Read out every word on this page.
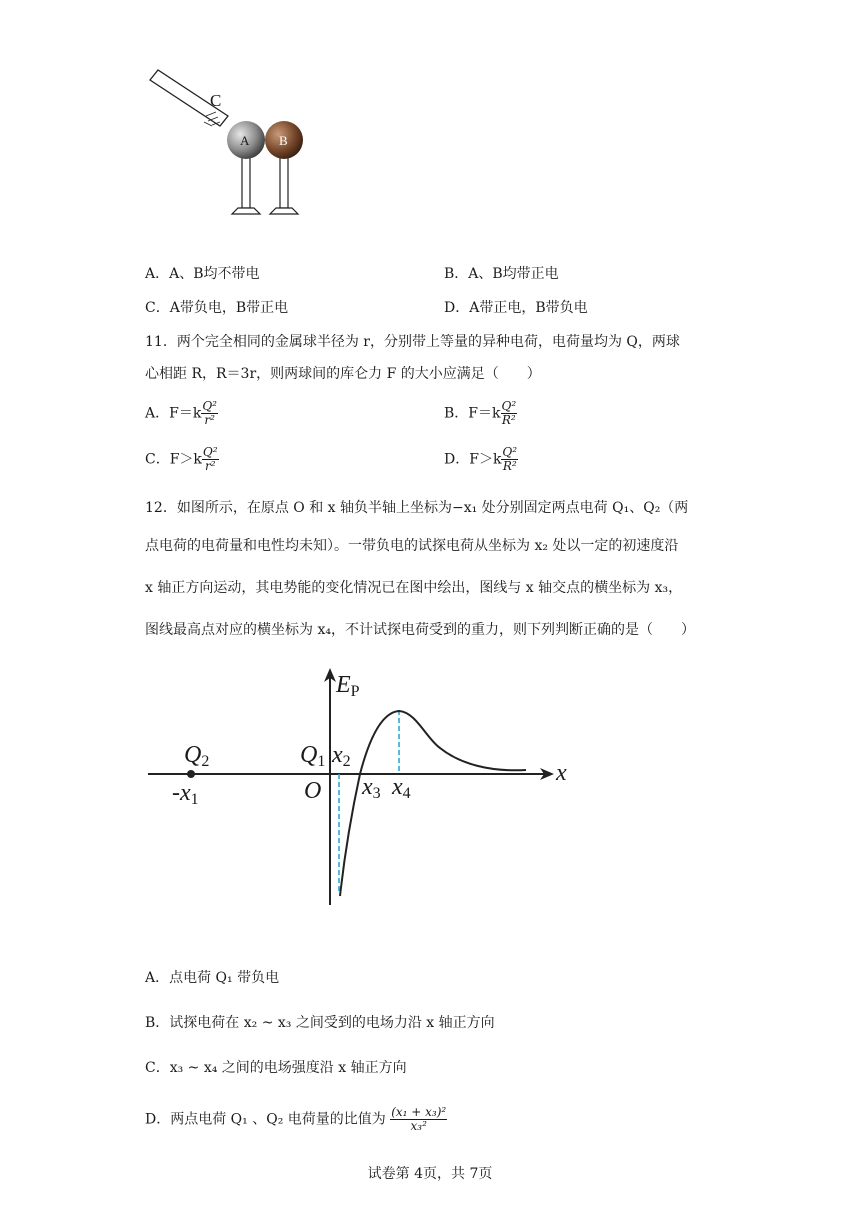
C
A B
A．A、B均不带电	B．A、B均带正电
C．A带负电，B带正电	D．A带正电，B带负电
11．两个完全相同的金属球半径为 r，分别带上等量的异种电荷，电荷量均为 Q，两球
心相距 R，R＝3r，则两球间的库仑力 F 的大小应满足（　　）
A．$F=k \frac{\text{Q²}}{\text{r²}}$	B．$F=k \frac{\text{Q²}}{\text{R²}}$
C．$F>k \frac{\text{Q²}}{\text{r²}}$	D．$F>k \frac{\text{Q²}}{\text{R²}}$
12．如图所示，在原点 O 和 x 轴负半轴上坐标为−x₁ 处分别固定两点电荷 Q₁、Q₂（两
点电荷的电荷量和电性均未知）。一带负电的试探电荷从坐标为 x₂ 处以一定的初速度沿
x 轴正方向运动，其电势能的变化情况已在图中绘出，图线与 x 轴交点的横坐标为 x₃，
图线最高点对应的横坐标为 x₄，不计试探电荷受到的重力，则下列判断正确的是（　　）
EP
x
Q2
-x1
Q1 x2
O x3 x4
A．点电荷 Q₁ 带负电
B．试探电荷在 x₂ ~ x₃ 之间受到的电场力沿 x 轴正方向
C．x₃ ~ x₄ 之间的电场强度沿 x 轴正方向
D．两点电荷 Q₁ 、Q₂ 电荷量的比值为 $\frac{\text{(x₁ + x₃)²}}{\text{x₃²}}$
试卷第 4页，共 7页
